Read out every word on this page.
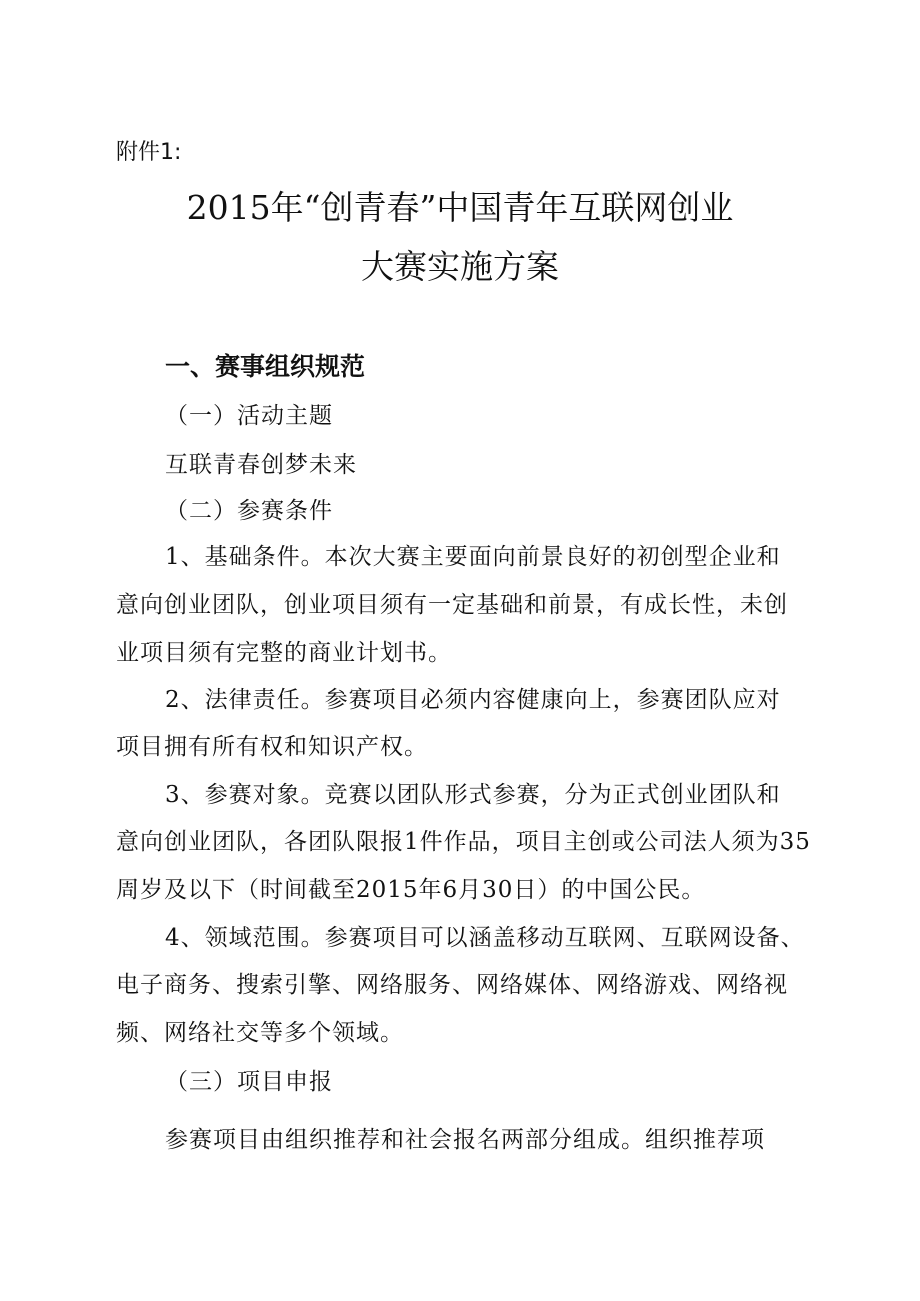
附件1:

2015年“创青春”中国青年互联网创业

大赛实施方案

一、赛事组织规范

（一）活动主题

互联青春创梦未来

（二）参赛条件

1、基础条件。本次大赛主要面向前景良好的初创型企业和

意向创业团队，创业项目须有一定基础和前景，有成长性，未创

业项目须有完整的商业计划书。

2、法律责任。参赛项目必须内容健康向上，参赛团队应对

项目拥有所有权和知识产权。

3、参赛对象。竞赛以团队形式参赛，分为正式创业团队和

意向创业团队，各团队限报1件作品，项目主创或公司法人须为35

周岁及以下（时间截至2015年6月30日）的中国公民。

4、领域范围。参赛项目可以涵盖移动互联网、互联网设备、

电子商务、搜索引擎、网络服务、网络媒体、网络游戏、网络视

频、网络社交等多个领域。

（三）项目申报

参赛项目由组织推荐和社会报名两部分组成。组织推荐项
